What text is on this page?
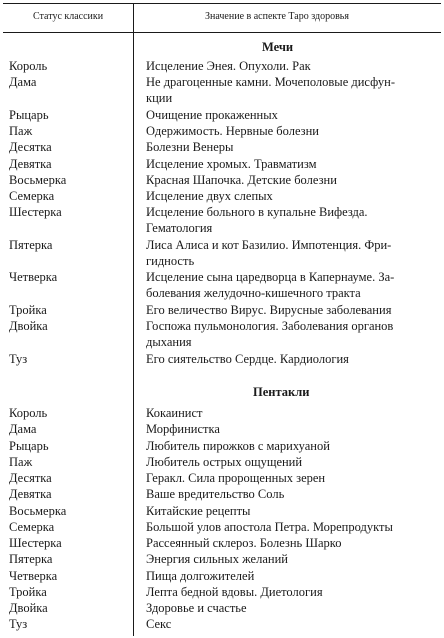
Статус классики	Значение в аспекте Таро здоровья
Мечи
Король	Исцеление Энея. Опухоли. Рак
Дама	Не драгоценные камни. Мочеполовые дисфун-
кции
Рыцарь	Очищение прокаженных
Паж	Одержимость. Нервные болезни
Десятка	Болезни Венеры
Девятка	Исцеление хромых. Травматизм
Восьмерка	Красная Шапочка. Детские болезни
Семерка	Исцеление двух слепых
Шестерка	Исцеление больного в купальне Вифезда.
Гематология
Пятерка	Лиса Алиса и кот Базилио. Импотенция. Фри-
гидность
Четверка	Исцеление сына царедворца в Капернауме. За-
болевания желудочно-кишечного тракта
Тройка	Его величество Вирус. Вирусные заболевания
Двойка	Госпожа пульмонология. Заболевания органов
дыхания
Туз	Его сиятельство Сердце. Кардиология
Пентакли
Король	Кокаинист
Дама	Морфинистка
Рыцарь	Любитель пирожков с марихуаной
Паж	Любитель острых ощущений
Десятка	Геракл. Сила пророщенных зерен
Девятка	Ваше вредительство Соль
Восьмерка	Китайские рецепты
Семерка	Большой улов апостола Петра. Морепродукты
Шестерка	Рассеянный склероз. Болезнь Шарко
Пятерка	Энергия сильных желаний
Четверка	Пища долгожителей
Тройка	Лепта бедной вдовы. Диетология
Двойка	Здоровье и счастье
Туз	Секс
